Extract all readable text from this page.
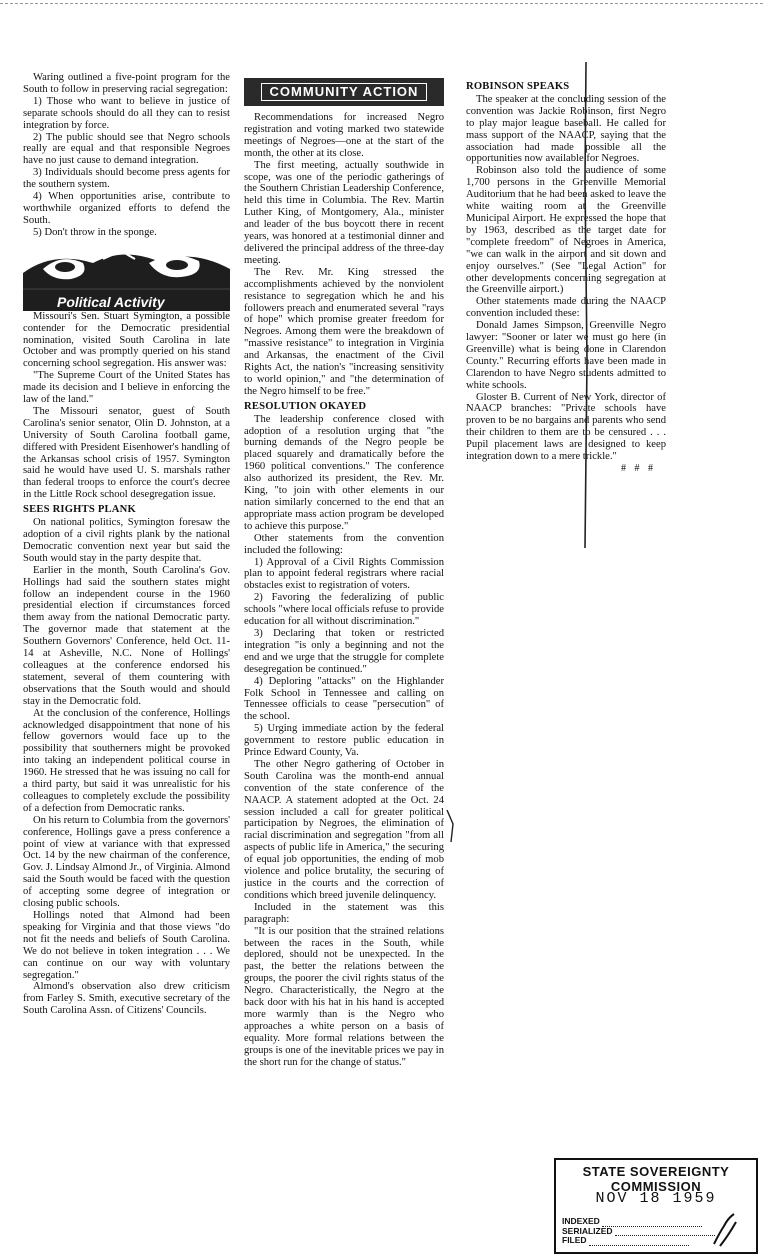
Waring outlined a five-point program for the South to follow in preserving racial segregation:

1) Those who want to believe in justice of separate schools should do all they can to resist integration by force.

2) The public should see that Negro schools really are equal and that responsible Negroes have no just cause to demand integration.

3) Individuals should become press agents for the southern system.

4) When opportunities arise, contribute to worthwhile organized efforts to defend the South.

5) Don't throw in the sponge.

Political Activity

Missouri's Sen. Stuart Symington, a possible contender for the Democratic presidential nomination, visited South Carolina in late October and was promptly queried on his stand concerning school segregation. His answer was:

"The Supreme Court of the United States has made its decision and I believe in enforcing the law of the land."

The Missouri senator, guest of South Carolina's senior senator, Olin D. Johnston, at a University of South Carolina football game, differed with President Eisenhower's handling of the Arkansas school crisis of 1957. Symington said he would have used U. S. marshals rather than federal troops to enforce the court's decree in the Little Rock school desegregation issue.

SEES RIGHTS PLANK

On national politics, Symington foresaw the adoption of a civil rights plank by the national Democratic convention next year but said the South would stay in the party despite that.

Earlier in the month, South Carolina's Gov. Hollings had said the southern states might follow an independent course in the 1960 presidential election if circumstances forced them away from the national Democratic party. The governor made that statement at the Southern Governors' Conference, held Oct. 11-14 at Asheville, N.C. None of Hollings' colleagues at the conference endorsed his statement, several of them countering with observations that the South would and should stay in the Democratic fold.

At the conclusion of the conference, Hollings acknowledged disappointment that none of his fellow governors would face up to the possibility that southerners might be provoked into taking an independent political course in 1960. He stressed that he was issuing no call for a third party, but said it was unrealistic for his colleagues to completely exclude the possibility of a defection from Democratic ranks.

On his return to Columbia from the governors' conference, Hollings gave a press conference a point of view at variance with that expressed Oct. 14 by the new chairman of the conference, Gov. J. Lindsay Almond Jr., of Virginia. Almond said the South would be faced with the question of accepting some degree of integration or closing public schools.

Hollings noted that Almond had been speaking for Virginia and that those views "do not fit the needs and beliefs of South Carolina. We do not believe in token integration . . . We can continue on our way with voluntary segregation."

Almond's observation also drew criticism from Farley S. Smith, executive secretary of the South Carolina Assn. of Citizens' Councils.

COMMUNITY ACTION

Recommendations for increased Negro registration and voting marked two statewide meetings of Negroes—one at the start of the month, the other at its close.

The first meeting, actually southwide in scope, was one of the periodic gatherings of the Southern Christian Leadership Conference, held this time in Columbia. The Rev. Martin Luther King, of Montgomery, Ala., minister and leader of the bus boycott there in recent years, was honored at a testimonial dinner and delivered the principal address of the three-day meeting.

The Rev. Mr. King stressed the accomplishments achieved by the nonviolent resistance to segregation which he and his followers preach and enumerated several "rays of hope" which promise greater freedom for Negroes. Among them were the breakdown of "massive resistance" to integration in Virginia and Arkansas, the enactment of the Civil Rights Act, the nation's "increasing sensitivity to world opinion," and "the determination of the Negro himself to be free."

RESOLUTION OKAYED

The leadership conference closed with adoption of a resolution urging that "the burning demands of the Negro people be placed squarely and dramatically before the 1960 political conventions." The conference also authorized its president, the Rev. Mr. King, "to join with other elements in our nation similarly concerned to the end that an appropriate mass action program be developed to achieve this purpose."

Other statements from the convention included the following:

1) Approval of a Civil Rights Commission plan to appoint federal registrars where racial obstacles exist to registration of voters.

2) Favoring the federalizing of public schools "where local officials refuse to provide education for all without discrimination."

3) Declaring that token or restricted integration "is only a beginning and not the end and we urge that the struggle for complete desegregation be continued."

4) Deploring "attacks" on the Highlander Folk School in Tennessee and calling on Tennessee officials to cease "persecution" of the school.

5) Urging immediate action by the federal government to restore public education in Prince Edward County, Va.

The other Negro gathering of October in South Carolina was the month-end annual convention of the state conference of the NAACP. A statement adopted at the Oct. 24 session included a call for greater political participation by Negroes, the elimination of racial discrimination and segregation "from all aspects of public life in America," the securing of equal job opportunities, the ending of mob violence and police brutality, the securing of justice in the courts and the correction of conditions which breed juvenile delinquency.

Included in the statement was this paragraph:

"It is our position that the strained relations between the races in the South, while deplored, should not be unexpected. In the past, the better the relations between the groups, the poorer the civil rights status of the Negro. Characteristically, the Negro at the back door with his hat in his hand is accepted more warmly than is the Negro who approaches a white person on a basis of equality. More formal relations between the groups is one of the inevitable prices we pay in the short run for the change of status."

ROBINSON SPEAKS

The speaker at the concluding session of the convention was Jackie Robinson, first Negro to play major league baseball. He called for mass support of the NAACP, saying that the association had made possible all the opportunities now available for Negroes.

Robinson also told the audience of some 1,700 persons in the Greenville Memorial Auditorium that he had been asked to leave the white waiting room at the Greenville Municipal Airport. He expressed the hope that by 1963, described as the target date for "complete freedom" of Negroes in America, "we can walk in the airport and sit down and enjoy ourselves." (See "Legal Action" for other developments concerning segregation at the Greenville airport.)

Other statements made during the NAACP convention included these:

Donald James Simpson, Greenville Negro lawyer: "Sooner or later we must go here (in Greenville) what is being done in Clarendon County." Recurring efforts have been made in Clarendon to have Negro students admitted to white schools.

Gloster B. Current of New York, director of NAACP branches: "Private schools have proven to be no bargains and parents who send their children to them are to be censured . . . Pupil placement laws are designed to keep integration down to a mere trickle."

# # #

STATE SOVEREIGNTY COMMISSION
NOV 18 1959
INDEXED
SERIALIZED
FILED
